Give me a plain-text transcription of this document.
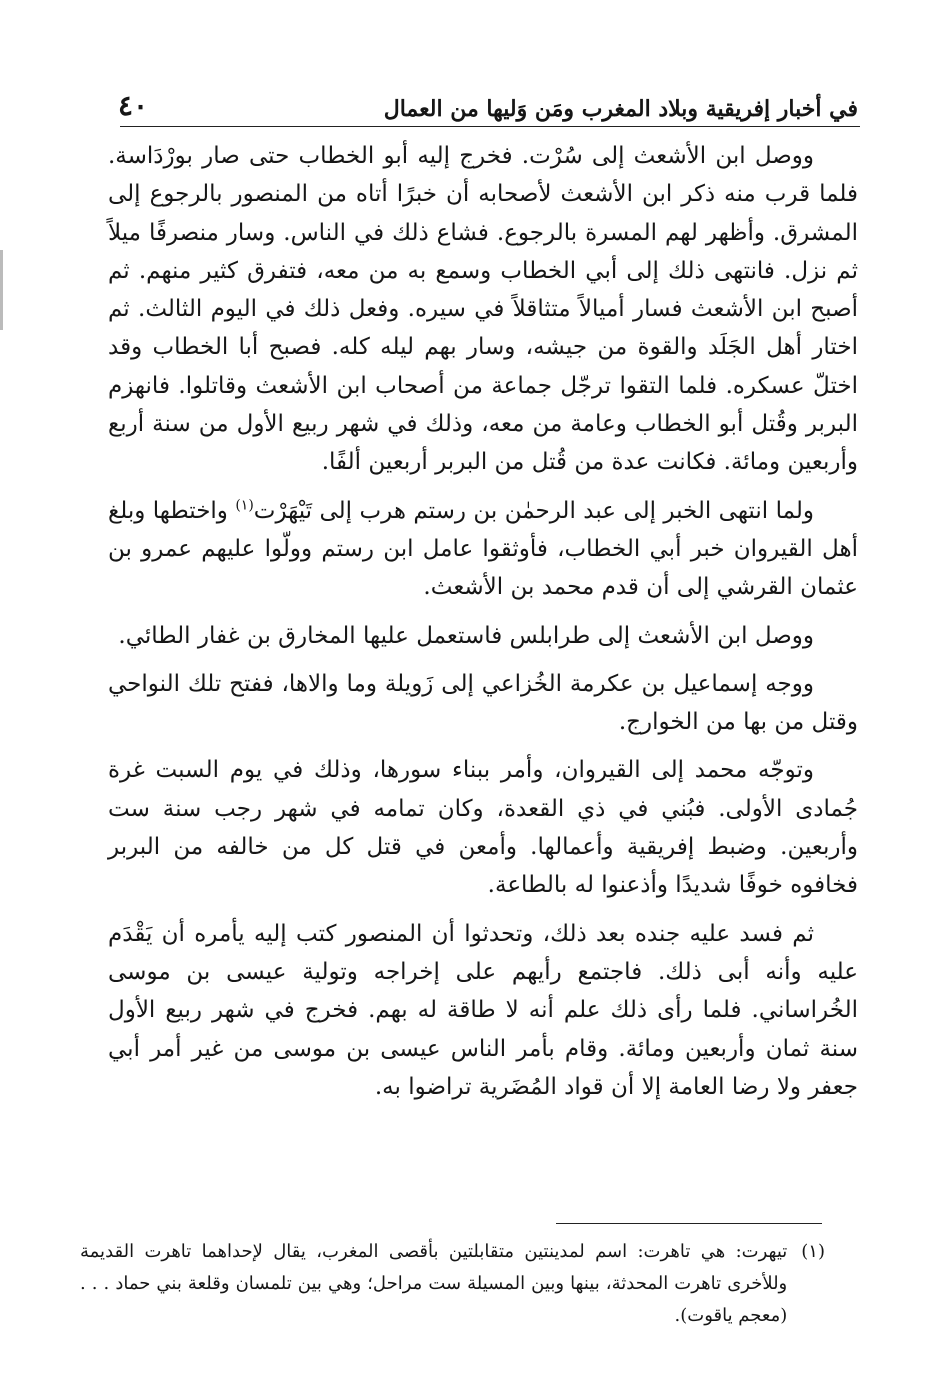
في أخبار إفريقية وبلاد المغرب ومَن وَليها من العمال
٤٠

ووصل ابن الأشعث إلى سُرْت. فخرج إليه أبو الخطاب حتى صار بورْدَاسة. فلما قرب منه ذكر ابن الأشعث لأصحابه أن خبرًا أتاه من المنصور بالرجوع إلى المشرق. وأظهر لهم المسرة بالرجوع. فشاع ذلك في الناس. وسار منصرفًا ميلاً ثم نزل. فانتهى ذلك إلى أبي الخطاب وسمع به من معه، فتفرق كثير منهم. ثم أصبح ابن الأشعث فسار أميالاً متثاقلاً في سيره. وفعل ذلك في اليوم الثالث. ثم اختار أهل الجَلَد والقوة من جيشه، وسار بهم ليله كله. فصبح أبا الخطاب وقد اختلّ عسكره. فلما التقوا ترجّل جماعة من أصحاب ابن الأشعث وقاتلوا. فانهزم البربر وقُتل أبو الخطاب وعامة من معه، وذلك في شهر ربيع الأول من سنة أربع وأربعين ومائة. فكانت عدة من قُتل من البربر أربعين ألفًا.

ولما انتهى الخبر إلى عبد الرحمٰن بن رستم هرب إلى تَيْهَرْت$^{(١)}$ واختطها وبلغ أهل القيروان خبر أبي الخطاب، فأوثقوا عامل ابن رستم وولّوا عليهم عمرو بن عثمان القرشي إلى أن قدم محمد بن الأشعث.

ووصل ابن الأشعث إلى طرابلس فاستعمل عليها المخارق بن غفار الطائي.

ووجه إسماعيل بن عكرمة الخُزاعي إلى زَويلة وما والاها، ففتح تلك النواحي وقتل من بها من الخوارج.

وتوجّه محمد إلى القيروان، وأمر ببناء سورها، وذلك في يوم السبت غرة جُمادى الأولى. فبُني في ذي القعدة، وكان تمامه في شهر رجب سنة ست وأربعين. وضبط إفريقية وأعمالها. وأمعن في قتل كل من خالفه من البربر فخافوه خوفًا شديدًا وأذعنوا له بالطاعة.

ثم فسد عليه جنده بعد ذلك، وتحدثوا أن المنصور كتب إليه يأمره أن يَقْدَم عليه وأنه أبى ذلك. فاجتمع رأيهم على إخراجه وتولية عيسى بن موسى الخُراساني. فلما رأى ذلك علم أنه لا طاقة له بهم. فخرج في شهر ربيع الأول سنة ثمان وأربعين ومائة. وقام بأمر الناس عيسى بن موسى من غير أمر أبي جعفر ولا رضا العامة إلا أن قواد المُضَرية تراضوا به.

(١)
تيهرت: هي تاهرت: اسم لمدينتين متقابلتين بأقصى المغرب، يقال لإحداهما تاهرت القديمة وللأخرى تاهرت المحدثة، بينها وبين المسيلة ست مراحل؛ وهي بين تلمسان وقلعة بني حماد . . . (معجم ياقوت).
